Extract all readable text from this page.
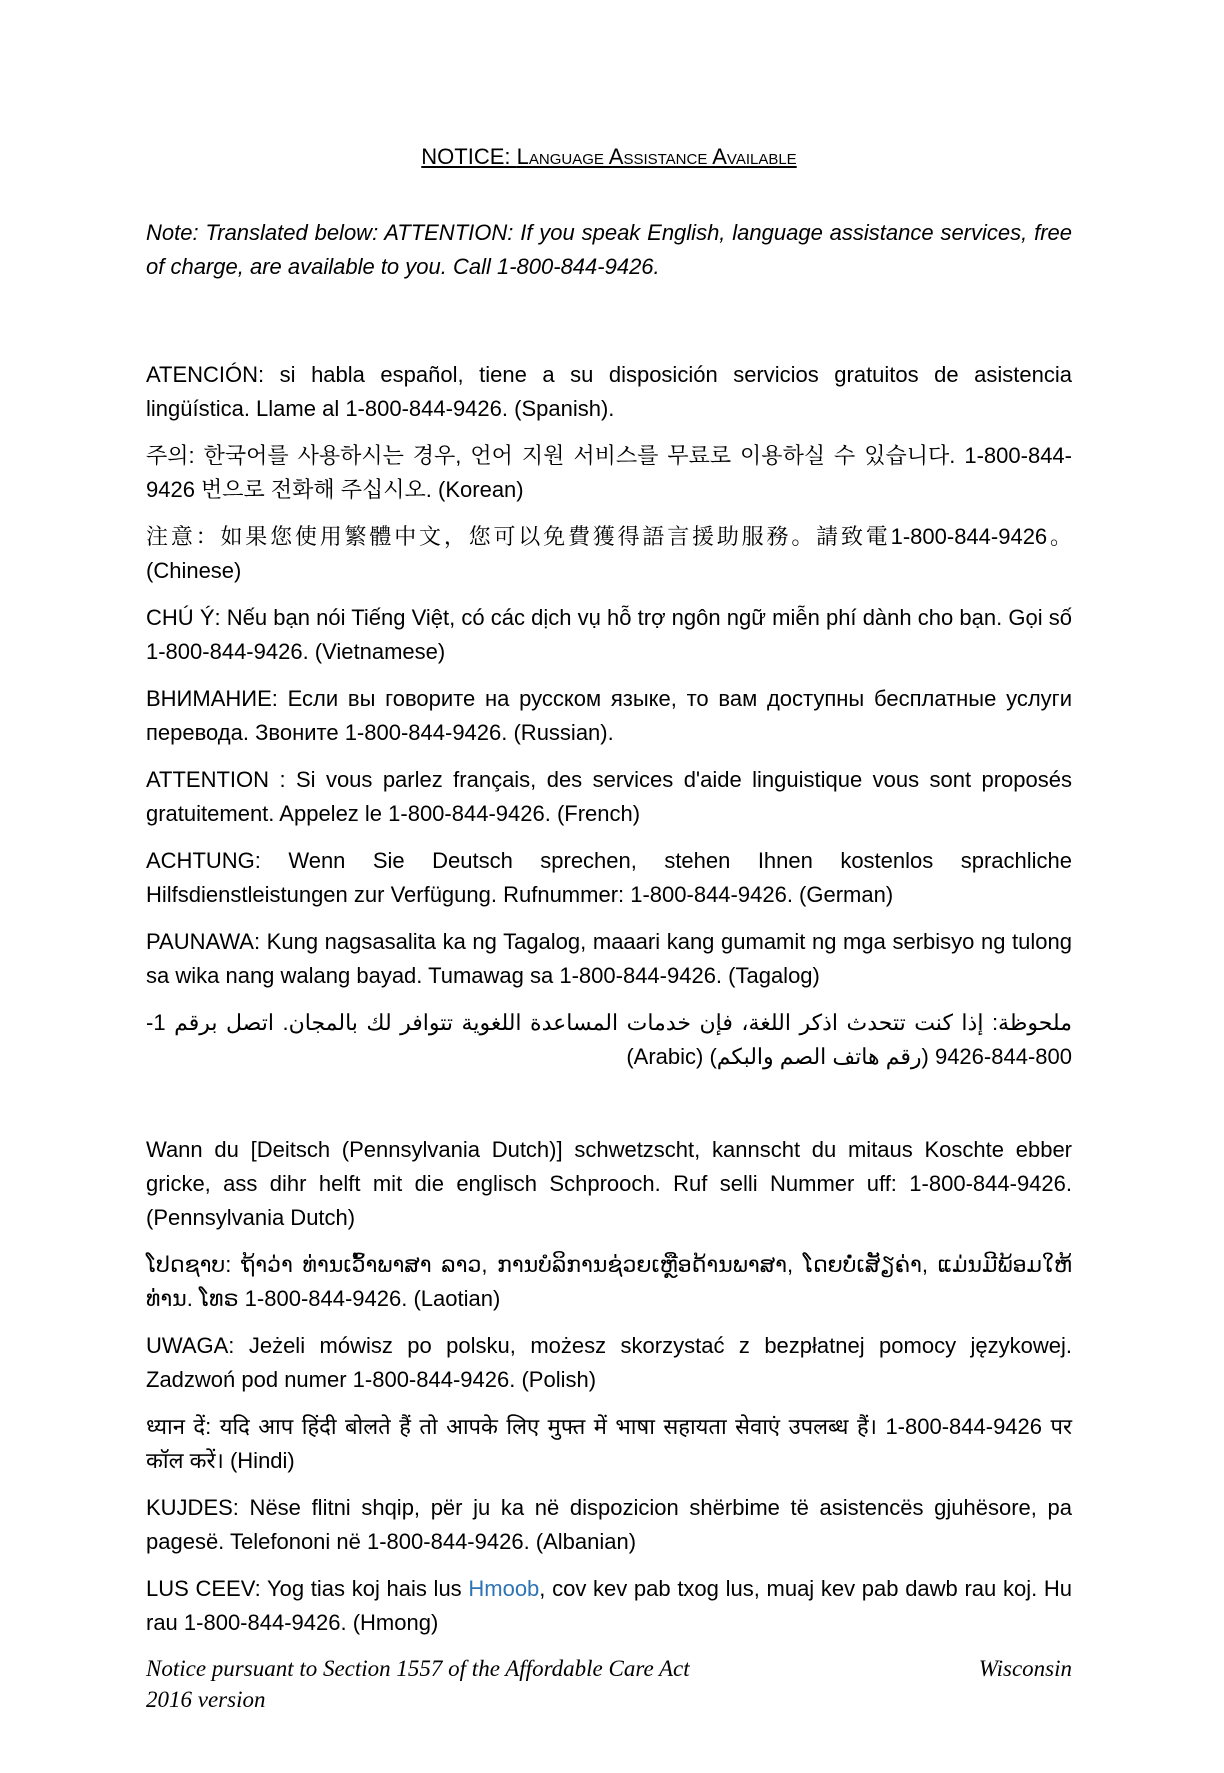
NOTICE: Language Assistance Available

Note: Translated below: ATTENTION: If you speak English, language assistance services, free of charge, are available to you. Call 1-800-844-9426.

ATENCIÓN: si habla español, tiene a su disposición servicios gratuitos de asistencia lingüística. Llame al 1-800-844-9426. (Spanish).

주의: 한국어를 사용하시는 경우, 언어 지원 서비스를 무료로 이용하실 수 있습니다. 1-800-844-9426 번으로 전화해 주십시오. (Korean)

注意：如果您使用繁體中文，您可以免費獲得語言援助服務。請致電1-800-844-9426。(Chinese)

CHÚ Ý: Nếu bạn nói Tiếng Việt, có các dịch vụ hỗ trợ ngôn ngữ miễn phí dành cho bạn. Gọi số 1-800-844-9426. (Vietnamese)

ВНИМАНИЕ: Если вы говорите на русском языке, то вам доступны бесплатные услуги перевода. Звоните 1-800-844-9426. (Russian).

ATTENTION : Si vous parlez français, des services d'aide linguistique vous sont proposés gratuitement. Appelez le 1-800-844-9426. (French)

ACHTUNG: Wenn Sie Deutsch sprechen, stehen Ihnen kostenlos sprachliche Hilfsdienstleistungen zur Verfügung. Rufnummer: 1-800-844-9426. (German)

PAUNAWA: Kung nagsasalita ka ng Tagalog, maaari kang gumamit ng mga serbisyo ng tulong sa wika nang walang bayad. Tumawag sa 1-800-844-9426. (Tagalog)

ملحوظة: إذا كنت تتحدث اذكر اللغة، فإن خدمات المساعدة اللغوية تتوافر لك بالمجان. اتصل برقم 1-800-844-9426 (رقم هاتف الصم والبكم) (Arabic)

Wann du [Deitsch (Pennsylvania Dutch)] schwetzscht, kannscht du mitaus Koschte ebber gricke, ass dihr helft mit die englisch Schprooch. Ruf selli Nummer uff: 1-800-844-9426.(Pennsylvania Dutch)

ໂປດຊາບ: ຖ້າວ່າ ທ່ານເວົ້າພາສາ ລາວ, ການບໍລິການຊ່ວຍເຫຼືອດ້ານພາສາ, ໂດຍບໍ່ເສັຽຄ່າ, ແມ່ນມີພ້ອມໃຫ້ທ່ານ. ໂທຣ 1-800-844-9426. (Laotian)

UWAGA: Jeżeli mówisz po polsku, możesz skorzystać z bezpłatnej pomocy językowej. Zadzwoń pod numer 1-800-844-9426. (Polish)

ध्यान दें: यदि आप हिंदी बोलते हैं तो आपके लिए मुफ्त में भाषा सहायता सेवाएं उपलब्ध हैं। 1-800-844-9426 पर कॉल करें। (Hindi)

KUJDES: Nëse flitni shqip, për ju ka në dispozicion shërbime të asistencës gjuhësore, pa pagesë. Telefononi në 1-800-844-9426. (Albanian)

LUS CEEV: Yog tias koj hais lus Hmoob, cov kev pab txog lus, muaj kev pab dawb rau koj. Hu rau 1-800-844-9426. (Hmong)

Notice pursuant to Section 1557 of the Affordable Care Act
2016 version
Wisconsin
